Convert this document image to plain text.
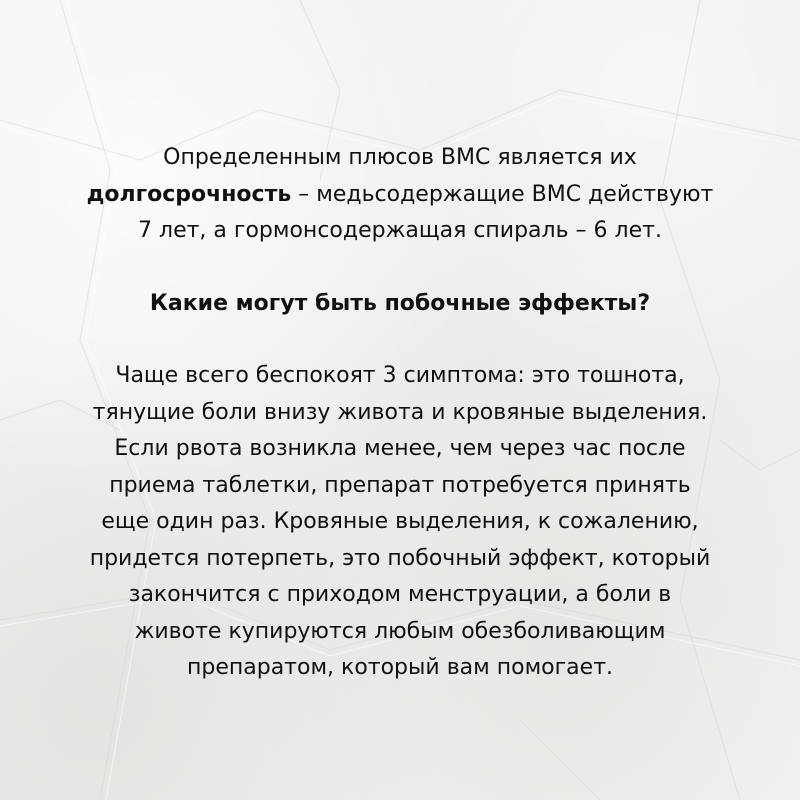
Определенным плюсов ВМС является их
долгосрочность – медьсодержащие ВМС действуют
7 лет, а гормонсодержащая спираль – 6 лет.

Какие могут быть побочные эффекты?

Чаще всего беспокоят 3 симптома: это тошнота,
тянущие боли внизу живота и кровяные выделения.
Если рвота возникла менее, чем через час после
приема таблетки, препарат потребуется принять
еще один раз. Кровяные выделения, к сожалению,
придется потерпеть, это побочный эффект, который
закончится с приходом менструации, а боли в
животе купируются любым обезболивающим
препаратом, который вам помогает.
